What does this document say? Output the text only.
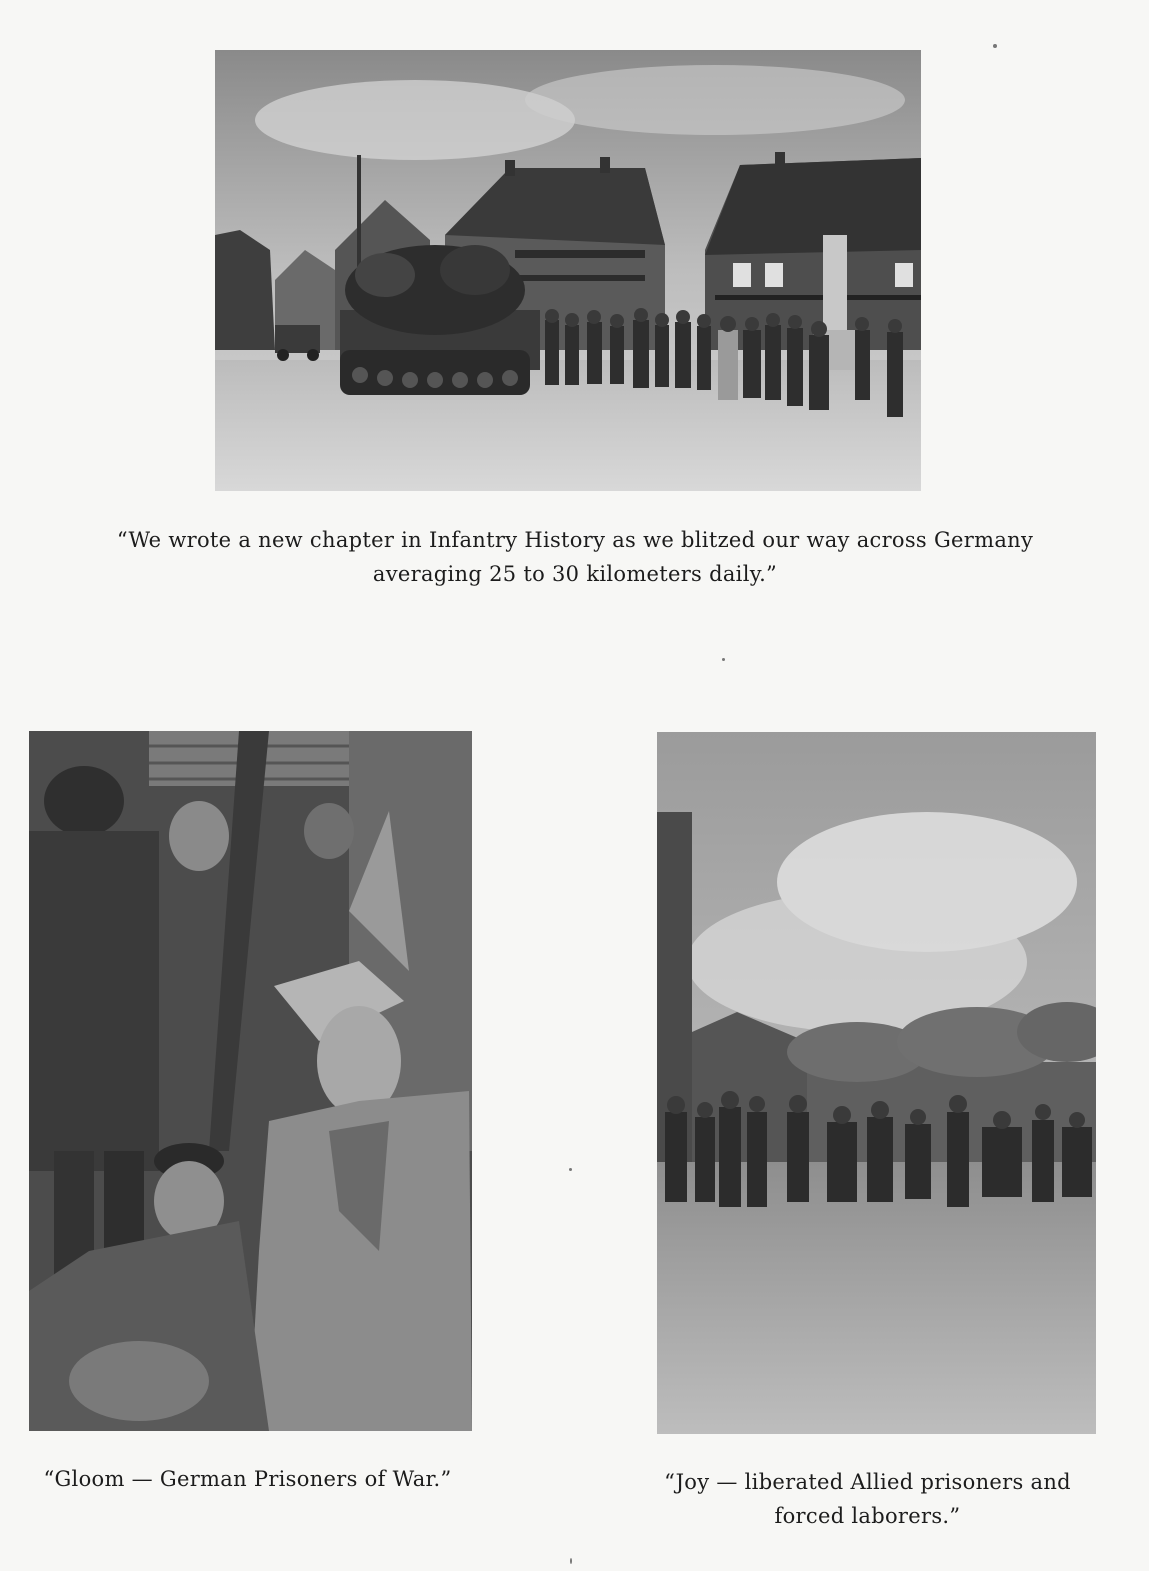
“We wrote a new chapter in Infantry History as we blitzed our way across Germany
averaging 25 to 30 kilometers daily.”

“Gloom — German Prisoners of War.”	“Joy — liberated Allied prisoners and
forced laborers.”
